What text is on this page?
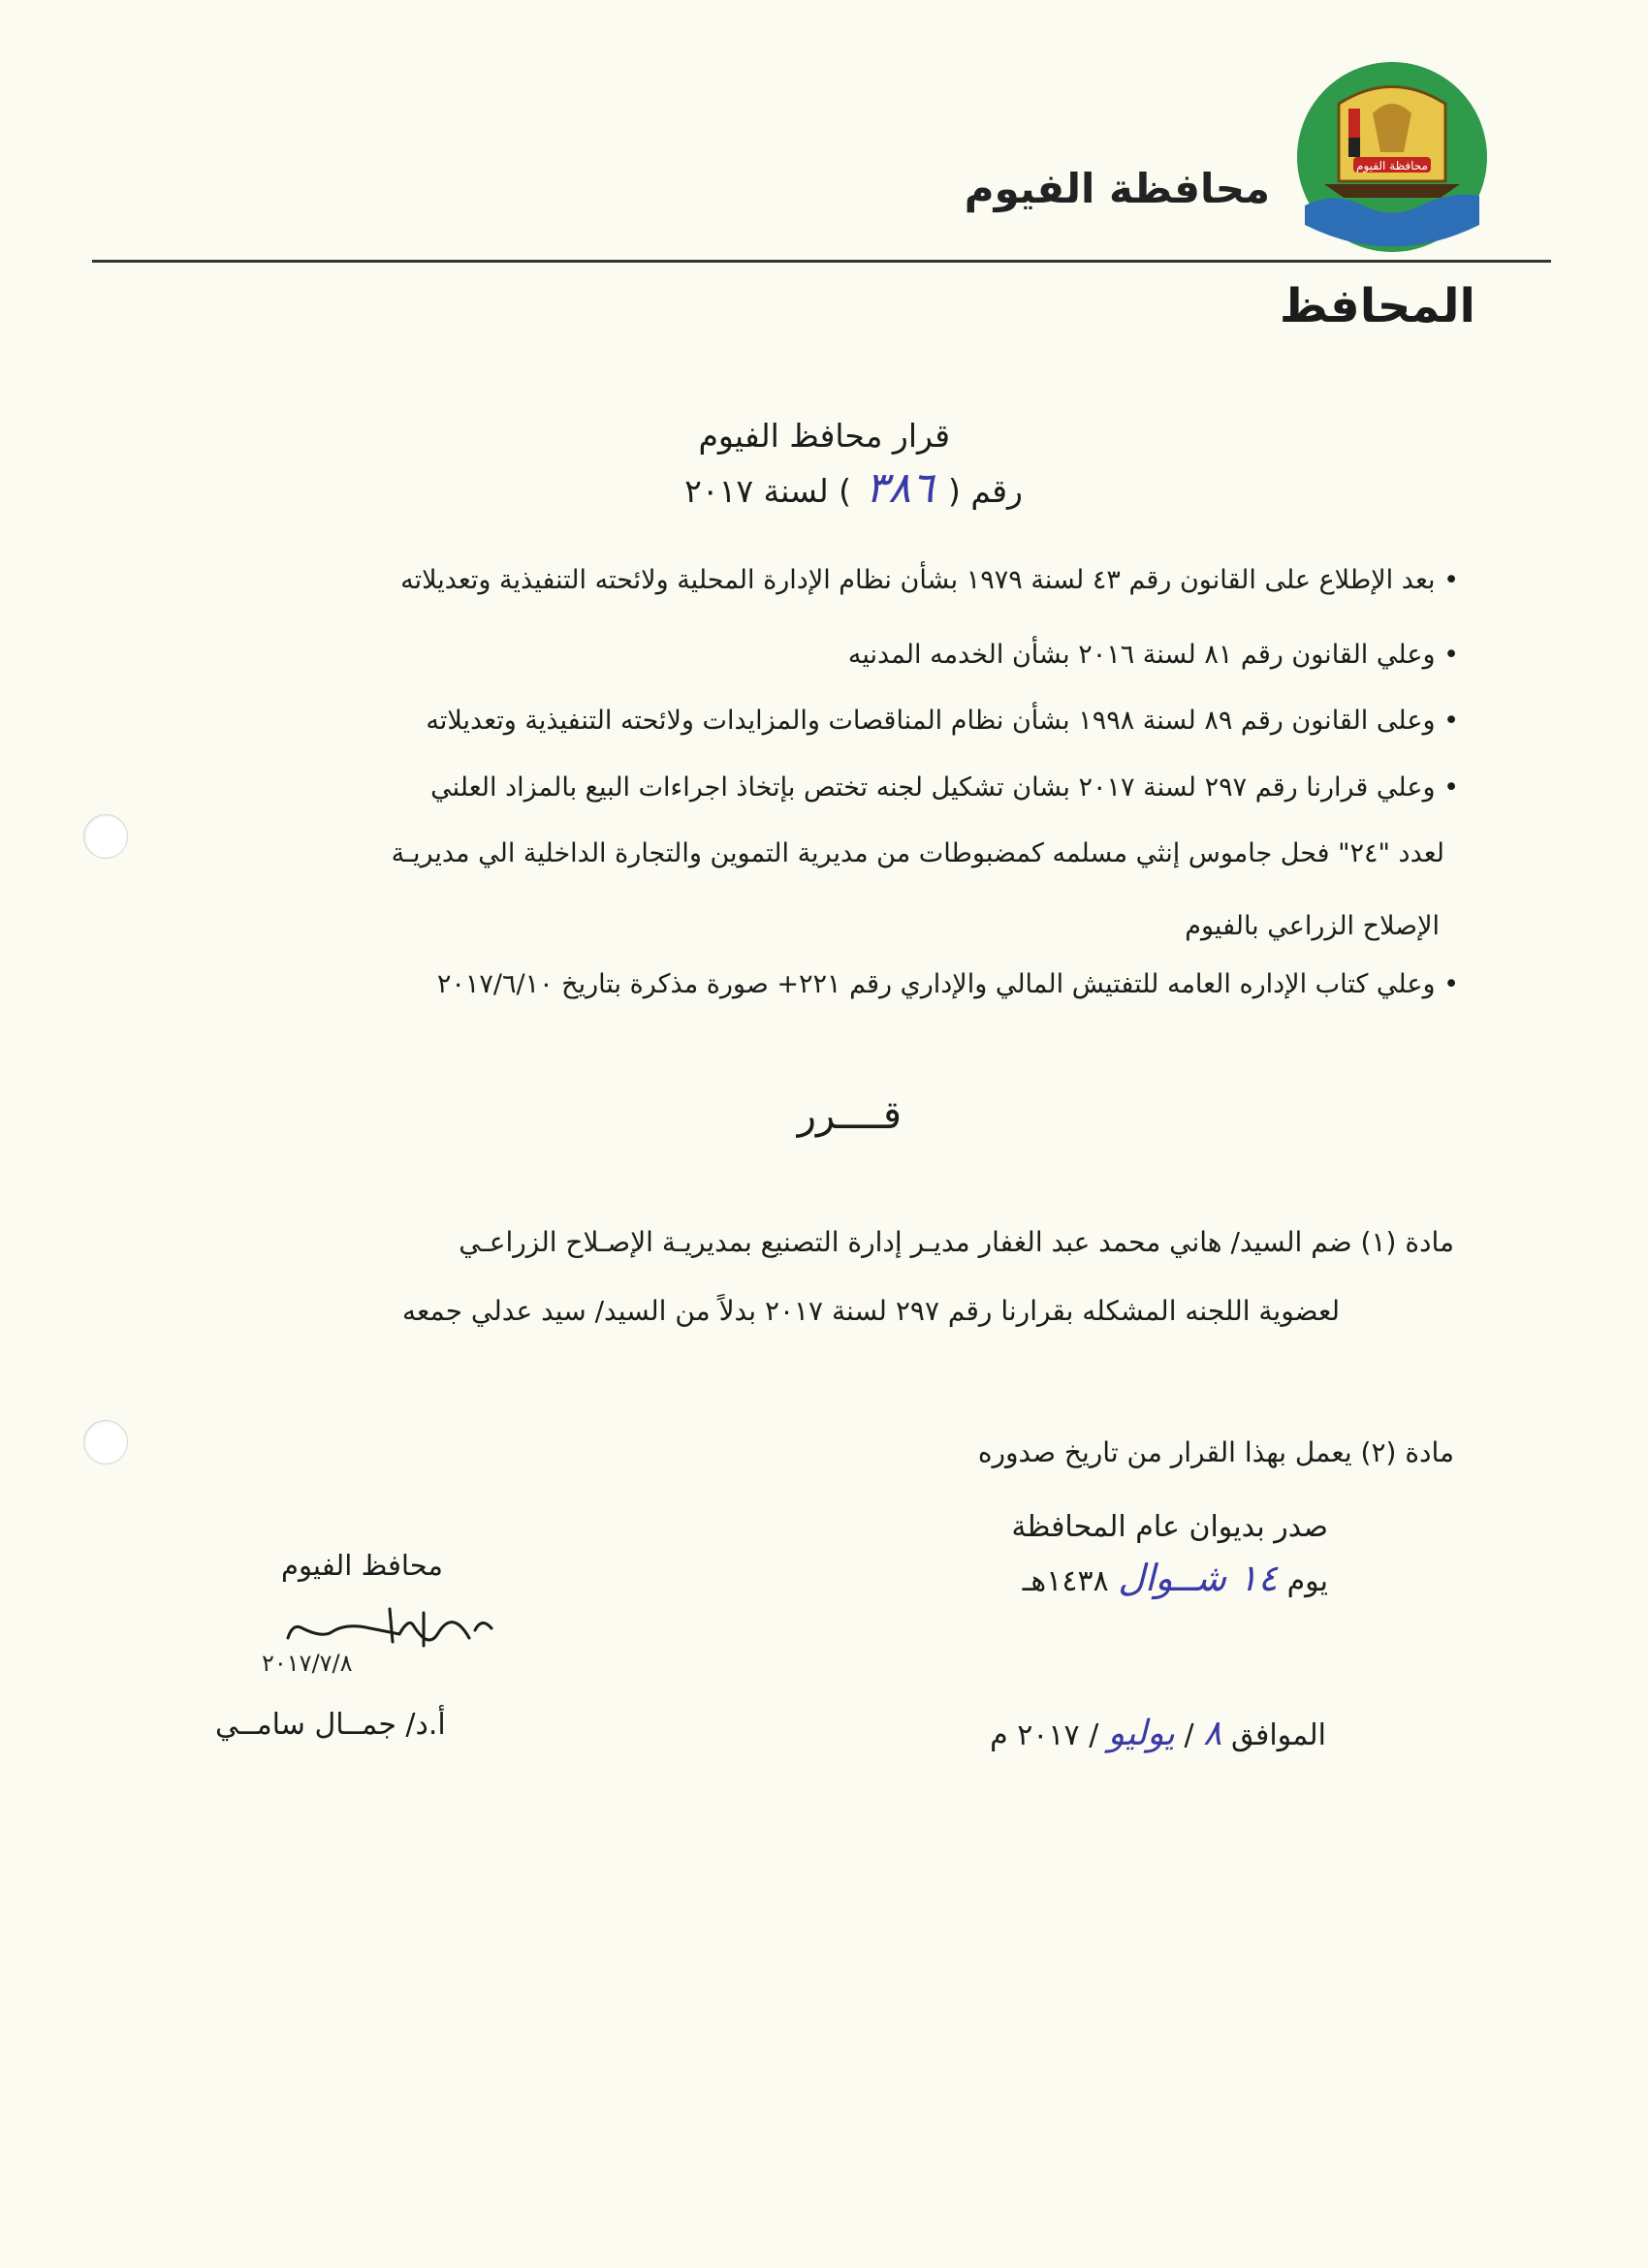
محافظة الفيوم
محافظة الفيوم
المحافظ
قرار محافظ الفيوم
رقم ( ٣٨٦ ) لسنة ٢٠١٧
• بعد الإطلاع على القانون رقم ٤٣ لسنة ١٩٧٩ بشأن نظام الإدارة المحلية ولائحته التنفيذية وتعديلاته
• وعلي القانون رقم ٨١ لسنة ٢٠١٦ بشأن الخدمه المدنيه
• وعلى القانون رقم ٨٩ لسنة ١٩٩٨ بشأن نظام المناقصات والمزايدات ولائحته التنفيذية وتعديلاته
• وعلي قرارنا رقم ٢٩٧ لسنة ٢٠١٧ بشان تشكيل لجنه تختص بإتخاذ اجراءات البيع بالمزاد العلني
لعدد "٢٤" فحل جاموس إنثي مسلمه كمضبوطات من مديرية التموين والتجارة الداخلية الي مديريـة
الإصلاح الزراعي بالفيوم
• وعلي كتاب الإداره العامه للتفتيش المالي والإداري رقم ٢٢١+ صورة مذكرة بتاريخ ٢٠١٧/٦/١٠
قــــرر
مادة (١) ضم السيد/ هاني محمد عبد الغفار مديـر إدارة التصنيع بمديريـة الإصـلاح الزراعـي
لعضوية اللجنه المشكله بقرارنا رقم ٢٩٧ لسنة ٢٠١٧ بدلاً من السيد/ سيد عدلي جمعه
مادة (٢) يعمل بهذا القرار من تاريخ صدوره
صدر بديوان عام المحافظة
يوم ١٤ شــوال ١٤٣٨هـ
الموافق ٨ / يوليو / ٢٠١٧ م
محافظ الفيوم
٢٠١٧/٧/٨
أ.د/ جمــال سامــي
